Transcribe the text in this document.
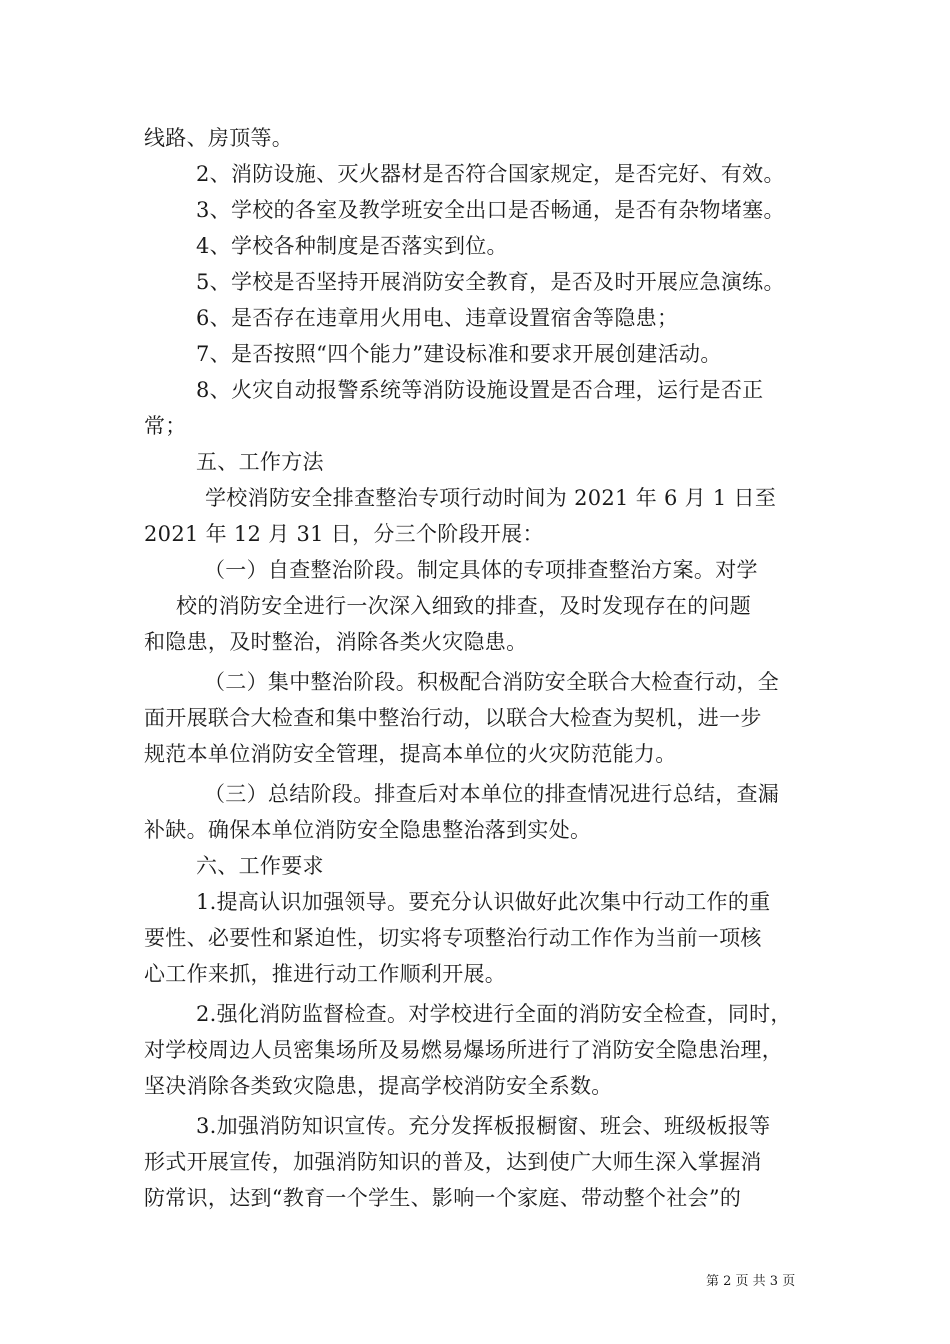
线路、房顶等。
2、消防设施、灭火器材是否符合国家规定，是否完好、有效。
3、学校的各室及教学班安全出口是否畅通，是否有杂物堵塞。
4、学校各种制度是否落实到位。
5、学校是否坚持开展消防安全教育，是否及时开展应急演练。
6、是否存在违章用火用电、违章设置宿舍等隐患；
7、是否按照“四个能力”建设标准和要求开展创建活动。
8、火灾自动报警系统等消防设施设置是否合理，运行是否正
常；
五、工作方法
学校消防安全排查整治专项行动时间为 2021 年 6 月 1 日至
2021 年 12 月 31 日，分三个阶段开展：
（一）自查整治阶段。制定具体的专项排查整治方案。对学
校的消防安全进行一次深入细致的排查，及时发现存在的问题
和隐患，及时整治，消除各类火灾隐患。
（二）集中整治阶段。积极配合消防安全联合大检查行动，全
面开展联合大检查和集中整治行动，以联合大检查为契机，进一步
规范本单位消防安全管理，提高本单位的火灾防范能力。
（三）总结阶段。排查后对本单位的排查情况进行总结，查漏
补缺。确保本单位消防安全隐患整治落到实处。
六、工作要求
1.提高认识加强领导。要充分认识做好此次集中行动工作的重
要性、必要性和紧迫性，切实将专项整治行动工作作为当前一项核
心工作来抓，推进行动工作顺利开展。
2.强化消防监督检查。对学校进行全面的消防安全检查，同时，
对学校周边人员密集场所及易燃易爆场所进行了消防安全隐患治理，
坚决消除各类致灾隐患，提高学校消防安全系数。
3.加强消防知识宣传。充分发挥板报橱窗、班会、班级板报等
形式开展宣传，加强消防知识的普及，达到使广大师生深入掌握消
防常识，达到“教育一个学生、影响一个家庭、带动整个社会”的
第 2 页 共 3 页
